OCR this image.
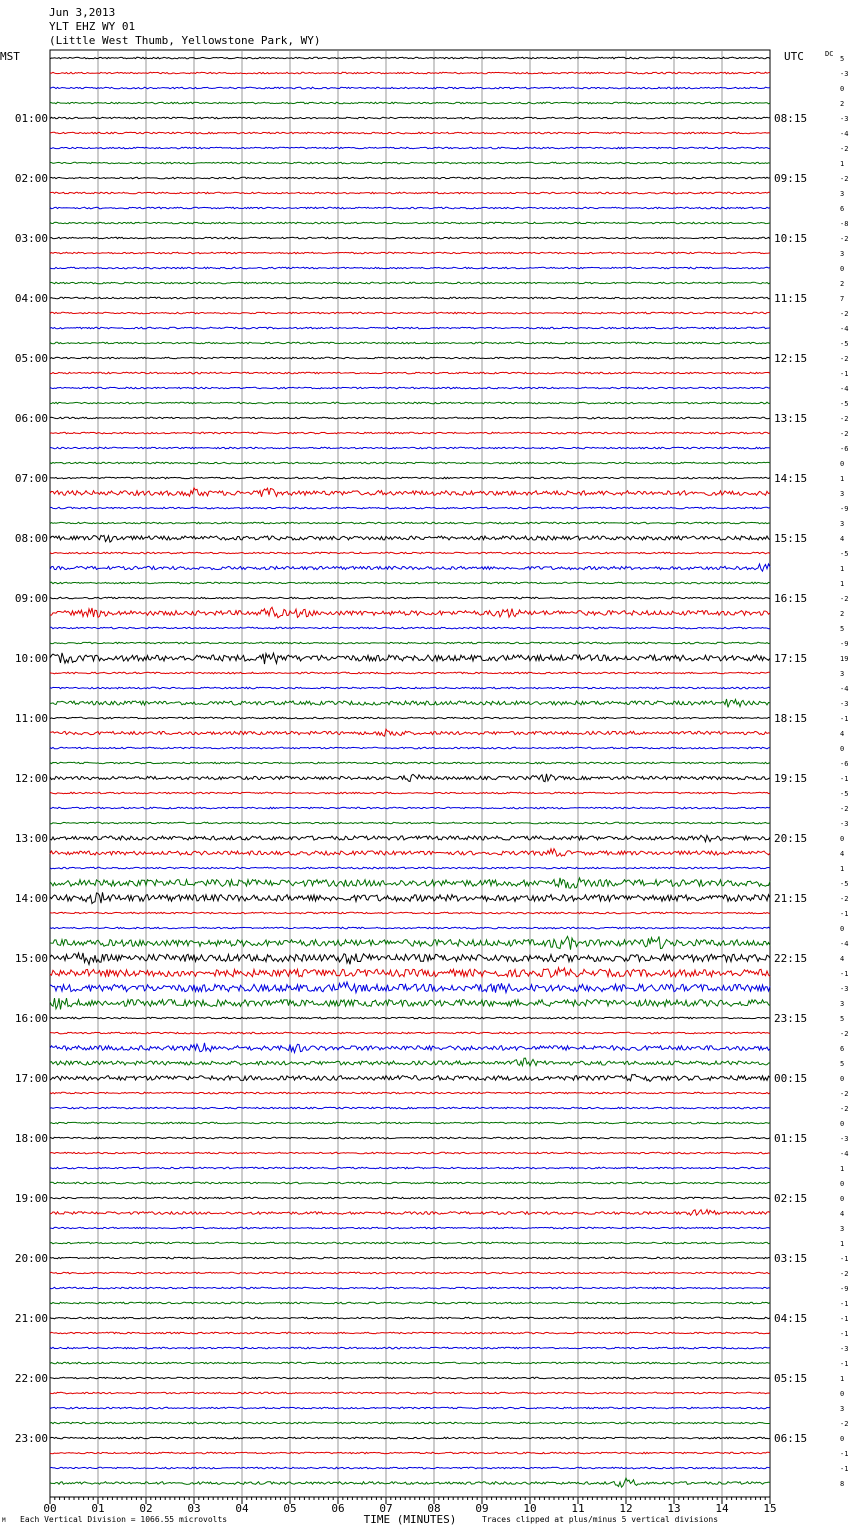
00	01	02	03	04	05	06	07	08	09	10	11	12	13	14	15
TIME (MINUTES)
MST	UTC	DC
5
-3
0
2
-3
01:00	08:15
-4
-2
1
-2
02:00	09:15
3
6
-8
-2
03:00	10:15
3
0
2
7
04:00	11:15
-2
-4
-5
-2
05:00	12:15
-1
-4
-5
-2
06:00	13:15
-2
-6
0
1
07:00	14:15
3
-9
3
4
08:00	15:15
-5
1
1
-2
09:00	16:15
2
5
-9
19
10:00	17:15
3
-4
-3
-1
11:00	18:15
4
0
-6
-1
12:00	19:15
-5
-2
-3
0
13:00	20:15
4
1
-5
-2
14:00	21:15
-1
0
-4
4
15:00	22:15
-1
-3
3
5
16:00	23:15
-2
6
5
0
17:00	00:15
-2
-2
0
-3
18:00	01:15
-4
1
0
0
19:00	02:15
4
3
1
-1
20:00	03:15
-2
-9
-1
-1
21:00	04:15
-1
-3
-1
1
22:00	05:15
0
3
-2
0
23:00	06:15
-1
-1
8
Jun 3,2013
YLT EHZ WY 01
(Little West Thumb, Yellowstone Park, WY)
Each Vertical Division = 1066.55 microvolts	Traces clipped at plus/minus 5 vertical divisions
M
